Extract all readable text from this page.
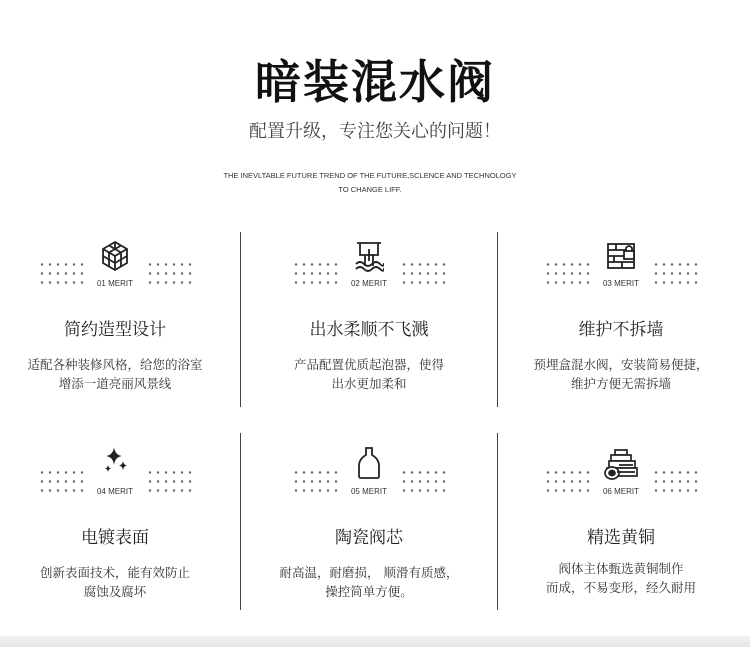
暗装混水阀
配置升级，专注您关心的问题！
THE INEVLTABLE FUTURE TREND OF THE FUTURE,SCLENCE AND TECHNOLOGY
TO CHANGE LIFF.
01 MERIT
简约造型设计
适配各种装修风格，给您的浴室
增添一道亮丽风景线
02 MERIT
出水柔顺不飞溅
产品配置优质起泡器，使得
出水更加柔和
03 MERIT
维护不拆墙
预埋盒混水阀，安装简易便捷，
维护方便无需拆墙
04 MERIT
电镀表面
创新表面技术，能有效防止
腐蚀及腐坏
05 MERIT
陶瓷阀芯
耐高温，耐磨损， 顺滑有质感，
操控简单方便。
06 MERIT
精选黄铜
阀体主体甄选黄铜制作
而成，不易变形，经久耐用
